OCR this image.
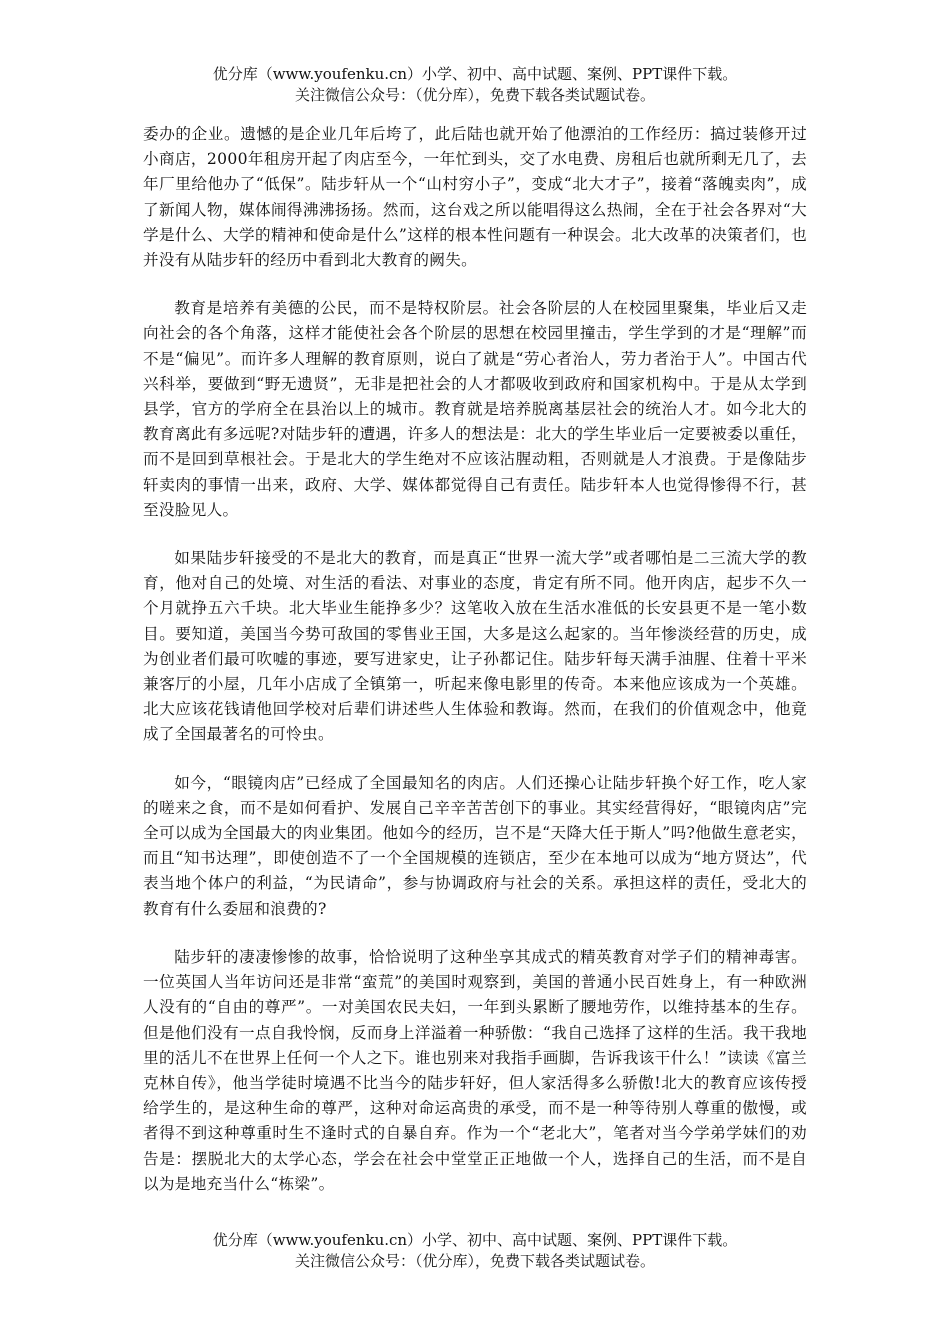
优分库（www.youfenku.cn）小学、初中、高中试题、案例、PPT课件下载。
关注微信公众号：（优分库），免费下载各类试题试卷。

委办的企业。遗憾的是企业几年后垮了，此后陆也就开始了他漂泊的工作经历：搞过装修开过小商店，2000年租房开起了肉店至今，一年忙到头，交了水电费、房租后也就所剩无几了，去年厂里给他办了“低保”。陆步轩从一个“山村穷小子”，变成“北大才子”，接着“落魄卖肉”，成了新闻人物，媒体闹得沸沸扬扬。然而，这台戏之所以能唱得这么热闹，全在于社会各界对“大学是什么、大学的精神和使命是什么”这样的根本性问题有一种误会。北大改革的决策者们，也并没有从陆步轩的经历中看到北大教育的阙失。

教育是培养有美德的公民，而不是特权阶层。社会各阶层的人在校园里聚集，毕业后又走向社会的各个角落，这样才能使社会各个阶层的思想在校园里撞击，学生学到的才是“理解”而不是“偏见”。而许多人理解的教育原则，说白了就是“劳心者治人，劳力者治于人”。中国古代兴科举，要做到“野无遗贤”，无非是把社会的人才都吸收到政府和国家机构中。于是从太学到县学，官方的学府全在县治以上的城市。教育就是培养脱离基层社会的统治人才。如今北大的教育离此有多远呢?对陆步轩的遭遇，许多人的想法是：北大的学生毕业后一定要被委以重任，而不是回到草根社会。于是北大的学生绝对不应该沾腥动粗，否则就是人才浪费。于是像陆步轩卖肉的事情一出来，政府、大学、媒体都觉得自己有责任。陆步轩本人也觉得惨得不行，甚至没脸见人。

如果陆步轩接受的不是北大的教育，而是真正“世界一流大学”或者哪怕是二三流大学的教育，他对自己的处境、对生活的看法、对事业的态度，肯定有所不同。他开肉店，起步不久一个月就挣五六千块。北大毕业生能挣多少？这笔收入放在生活水准低的长安县更不是一笔小数目。要知道，美国当今势可敌国的零售业王国，大多是这么起家的。当年惨淡经营的历史，成为创业者们最可吹嘘的事迹，要写进家史，让子孙都记住。陆步轩每天满手油腥、住着十平米兼客厅的小屋，几年小店成了全镇第一，听起来像电影里的传奇。本来他应该成为一个英雄。北大应该花钱请他回学校对后辈们讲述些人生体验和教诲。然而，在我们的价值观念中，他竟成了全国最著名的可怜虫。

如今，“眼镜肉店”已经成了全国最知名的肉店。人们还操心让陆步轩换个好工作，吃人家的嗟来之食，而不是如何看护、发展自己辛辛苦苦创下的事业。其实经营得好，“眼镜肉店”完全可以成为全国最大的肉业集团。他如今的经历，岂不是“天降大任于斯人”吗?他做生意老实，而且“知书达理”，即使创造不了一个全国规模的连锁店，至少在本地可以成为“地方贤达”，代表当地个体户的利益，“为民请命”，参与协调政府与社会的关系。承担这样的责任，受北大的教育有什么委屈和浪费的?

陆步轩的凄凄惨惨的故事，恰恰说明了这种坐享其成式的精英教育对学子们的精神毒害。一位英国人当年访问还是非常“蛮荒”的美国时观察到，美国的普通小民百姓身上，有一种欧洲人没有的“自由的尊严”。一对美国农民夫妇，一年到头累断了腰地劳作，以维持基本的生存。但是他们没有一点自我怜悯，反而身上洋溢着一种骄傲：“我自己选择了这样的生活。我干我地里的活儿不在世界上任何一个人之下。谁也别来对我指手画脚，告诉我该干什么！”读读《富兰克林自传》，他当学徒时境遇不比当今的陆步轩好，但人家活得多么骄傲!北大的教育应该传授给学生的，是这种生命的尊严，这种对命运高贵的承受，而不是一种等待别人尊重的傲慢，或者得不到这种尊重时生不逢时式的自暴自弃。作为一个“老北大”，笔者对当今学弟学妹们的劝告是：摆脱北大的太学心态，学会在社会中堂堂正正地做一个人，选择自己的生活，而不是自以为是地充当什么“栋梁”。

优分库（www.youfenku.cn）小学、初中、高中试题、案例、PPT课件下载。
关注微信公众号：（优分库），免费下载各类试题试卷。
